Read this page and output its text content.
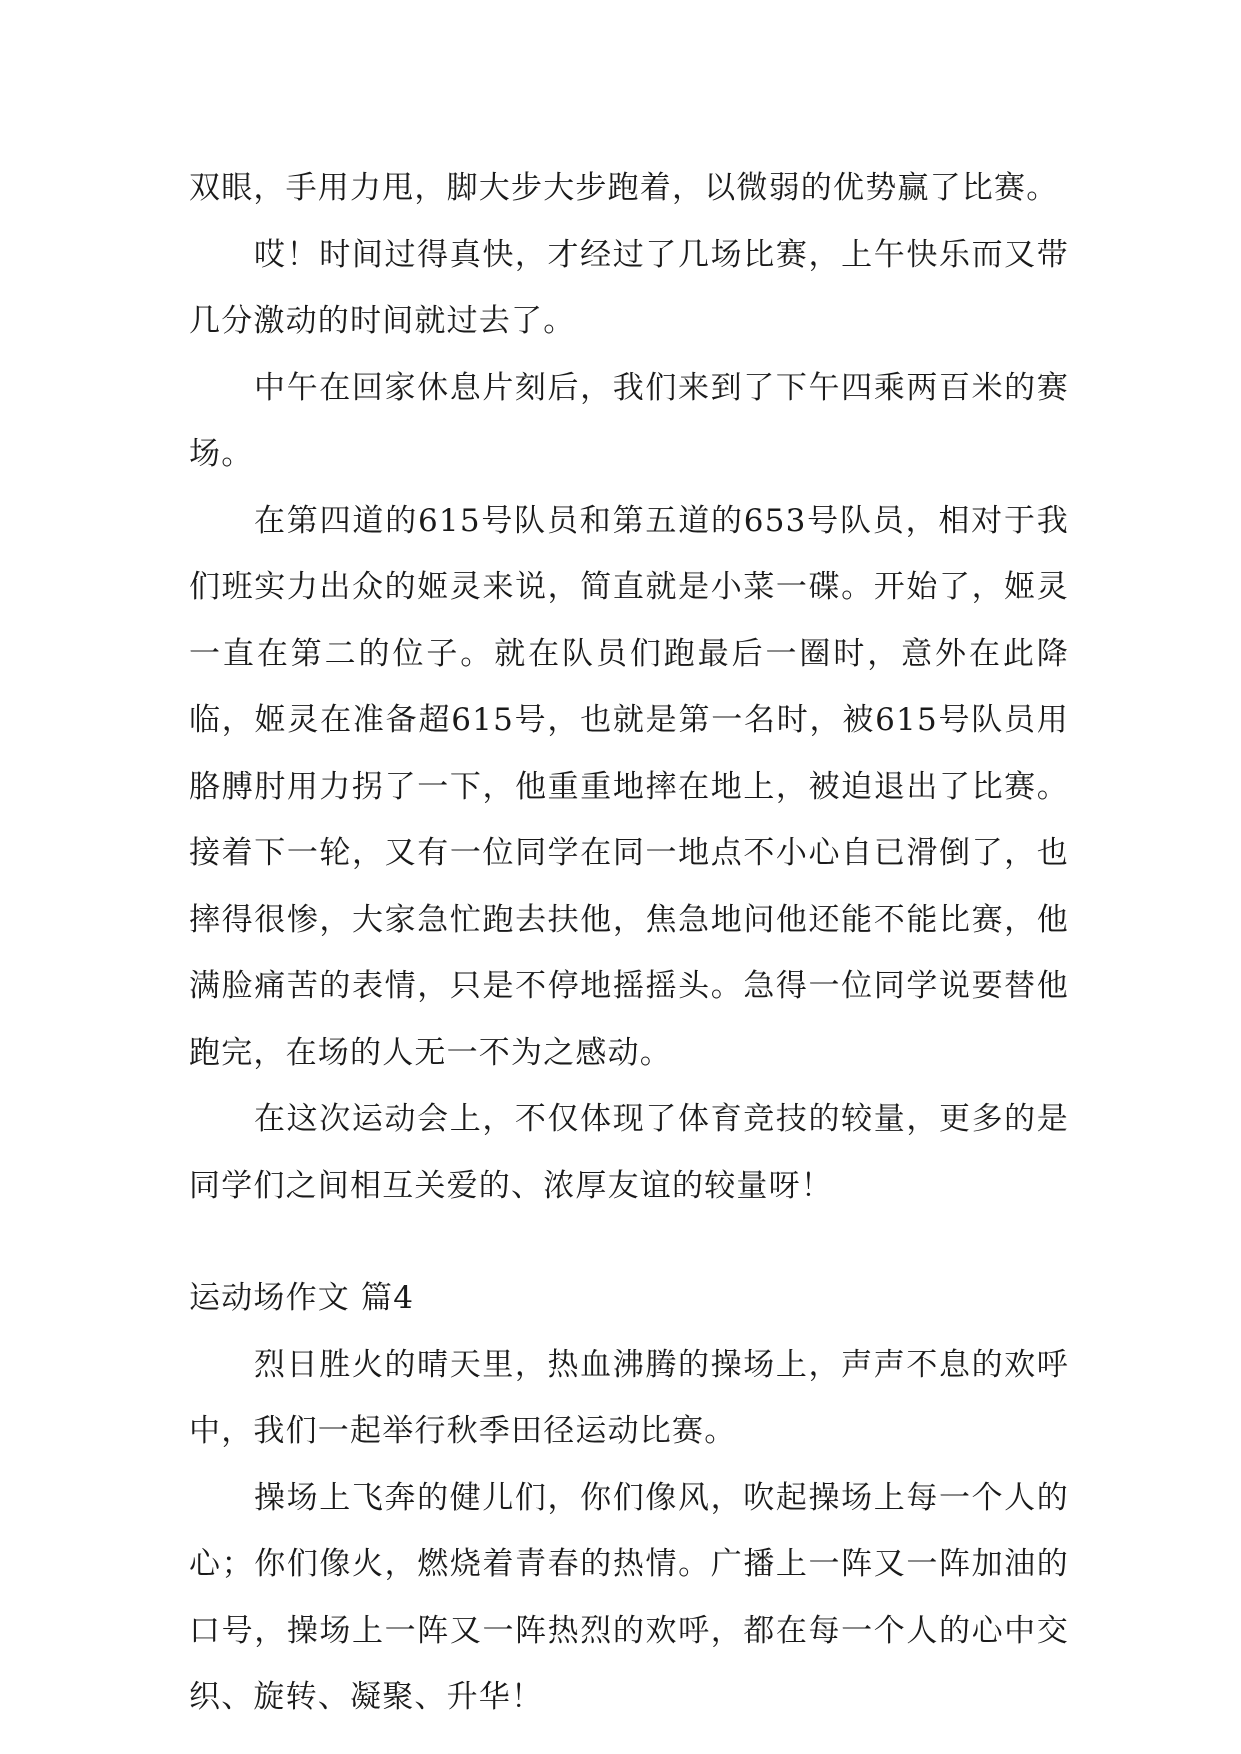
双眼，手用力甩，脚大步大步跑着，以微弱的优势赢了比赛。

哎！时间过得真快，才经过了几场比赛，上午快乐而又带几分激动的时间就过去了。

中午在回家休息片刻后，我们来到了下午四乘两百米的赛场。

在第四道的615号队员和第五道的653号队员，相对于我们班实力出众的姬灵来说，简直就是小菜一碟。开始了，姬灵一直在第二的位子。就在队员们跑最后一圈时，意外在此降临，姬灵在准备超615号，也就是第一名时，被615号队员用胳膊肘用力拐了一下，他重重地摔在地上，被迫退出了比赛。接着下一轮，又有一位同学在同一地点不小心自已滑倒了，也摔得很惨，大家急忙跑去扶他，焦急地问他还能不能比赛，他满脸痛苦的表情，只是不停地摇摇头。急得一位同学说要替他跑完，在场的人无一不为之感动。

在这次运动会上，不仅体现了体育竞技的较量，更多的是同学们之间相互关爱的、浓厚友谊的较量呀！

运动场作文 篇4

烈日胜火的晴天里，热血沸腾的操场上，声声不息的欢呼中，我们一起举行秋季田径运动比赛。

操场上飞奔的健儿们，你们像风，吹起操场上每一个人的心；你们像火，燃烧着青春的热情。广播上一阵又一阵加油的口号，操场上一阵又一阵热烈的欢呼，都在每一个人的心中交织、旋转、凝聚、升华！
